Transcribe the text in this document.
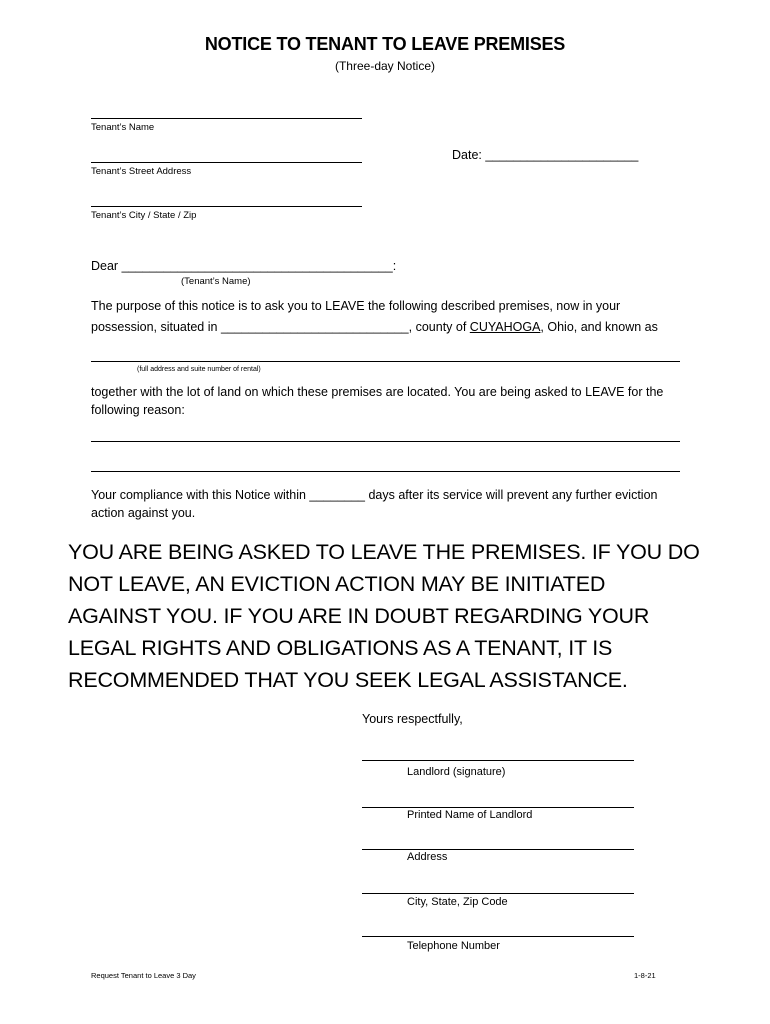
NOTICE TO TENANT TO LEAVE PREMISES
(Three-day Notice)
Tenant’s Name
Tenant’s Street Address
Date: ______________________
Tenant’s City / State / Zip
Dear _______________________________________:
(Tenant’s Name)
The purpose of this notice is to ask you to LEAVE the following described premises, now in your
possession, situated in ___________________________, county of CUYAHOGA, Ohio, and known as
(full address and suite number of rental)
together with the lot of land on which these premises are located. You are being asked to LEAVE for the
following reason:
Your compliance with this Notice within ________ days after its service will prevent any further eviction
action against you.
YOU ARE BEING ASKED TO LEAVE THE PREMISES. IF YOU DO
NOT LEAVE, AN EVICTION ACTION MAY BE INITIATED
AGAINST YOU. IF YOU ARE IN DOUBT REGARDING YOUR
LEGAL RIGHTS AND OBLIGATIONS AS A TENANT, IT IS
RECOMMENDED THAT YOU SEEK LEGAL ASSISTANCE.
Yours respectfully,
Landlord (signature)
Printed Name of Landlord
Address
City, State, Zip Code
Telephone Number
Request Tenant to Leave 3 Day	1-8-21
